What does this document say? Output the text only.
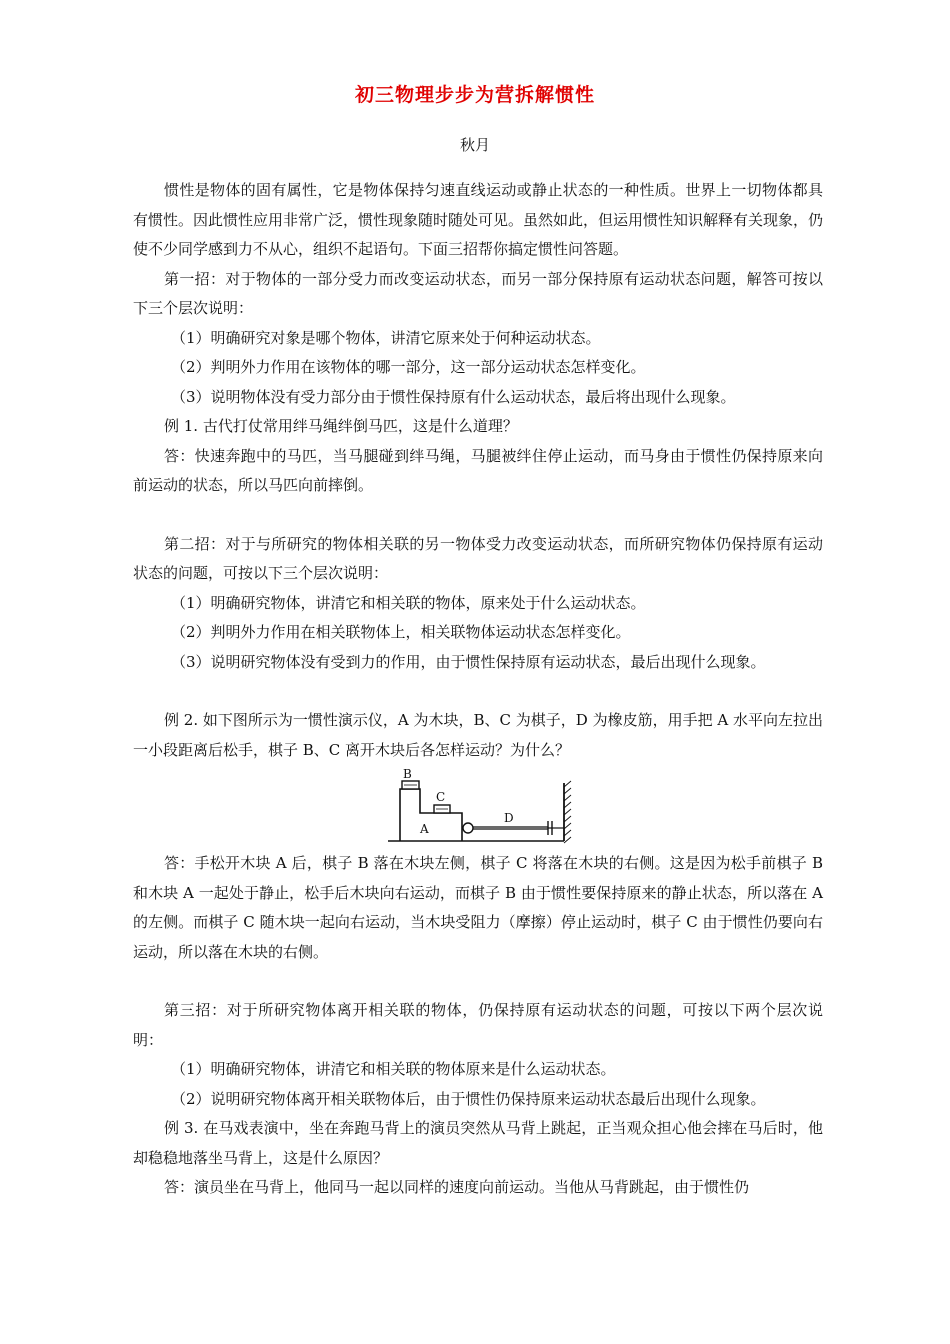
初三物理步步为营拆解惯性
秋月

惯性是物体的固有属性，它是物体保持匀速直线运动或静止状态的一种性质。世界上一切物体都具有惯性。因此惯性应用非常广泛，惯性现象随时随处可见。虽然如此，但运用惯性知识解释有关现象，仍使不少同学感到力不从心，组织不起语句。下面三招帮你搞定惯性问答题。

第一招：对于物体的一部分受力而改变运动状态，而另一部分保持原有运动状态问题，解答可按以下三个层次说明：

（1）明确研究对象是哪个物体，讲清它原来处于何种运动状态。

（2）判明外力作用在该物体的哪一部分，这一部分运动状态怎样变化。

（3）说明物体没有受力部分由于惯性保持原有什么运动状态，最后将出现什么现象。

例 1. 古代打仗常用绊马绳绊倒马匹，这是什么道理？

答：快速奔跑中的马匹，当马腿碰到绊马绳，马腿被绊住停止运动，而马身由于惯性仍保持原来向前运动的状态，所以马匹向前摔倒。

第二招：对于与所研究的物体相关联的另一物体受力改变运动状态，而所研究物体仍保持原有运动状态的问题，可按以下三个层次说明：

（1）明确研究物体，讲清它和相关联的物体，原来处于什么运动状态。

（2）判明外力作用在相关联物体上，相关联物体运动状态怎样变化。

（3）说明研究物体没有受到力的作用，由于惯性保持原有运动状态，最后出现什么现象。

例 2. 如下图所示为一惯性演示仪，A 为木块，B、C 为棋子，D 为橡皮筋，用手把 A 水平向左拉出一小段距离后松手，棋子 B、C 离开木块后各怎样运动？为什么？

B
C
A
D

答：手松开木块 A 后，棋子 B 落在木块左侧，棋子 C 将落在木块的右侧。这是因为松手前棋子 B 和木块 A 一起处于静止，松手后木块向右运动，而棋子 B 由于惯性要保持原来的静止状态，所以落在 A 的左侧。而棋子 C 随木块一起向右运动，当木块受阻力（摩擦）停止运动时，棋子 C 由于惯性仍要向右运动，所以落在木块的右侧。

第三招：对于所研究物体离开相关联的物体，仍保持原有运动状态的问题，可按以下两个层次说明：

（1）明确研究物体，讲清它和相关联的物体原来是什么运动状态。

（2）说明研究物体离开相关联物体后，由于惯性仍保持原来运动状态最后出现什么现象。

例 3. 在马戏表演中，坐在奔跑马背上的演员突然从马背上跳起，正当观众担心他会摔在马后时，他却稳稳地落坐马背上，这是什么原因？

答：演员坐在马背上，他同马一起以同样的速度向前运动。当他从马背跳起，由于惯性仍
